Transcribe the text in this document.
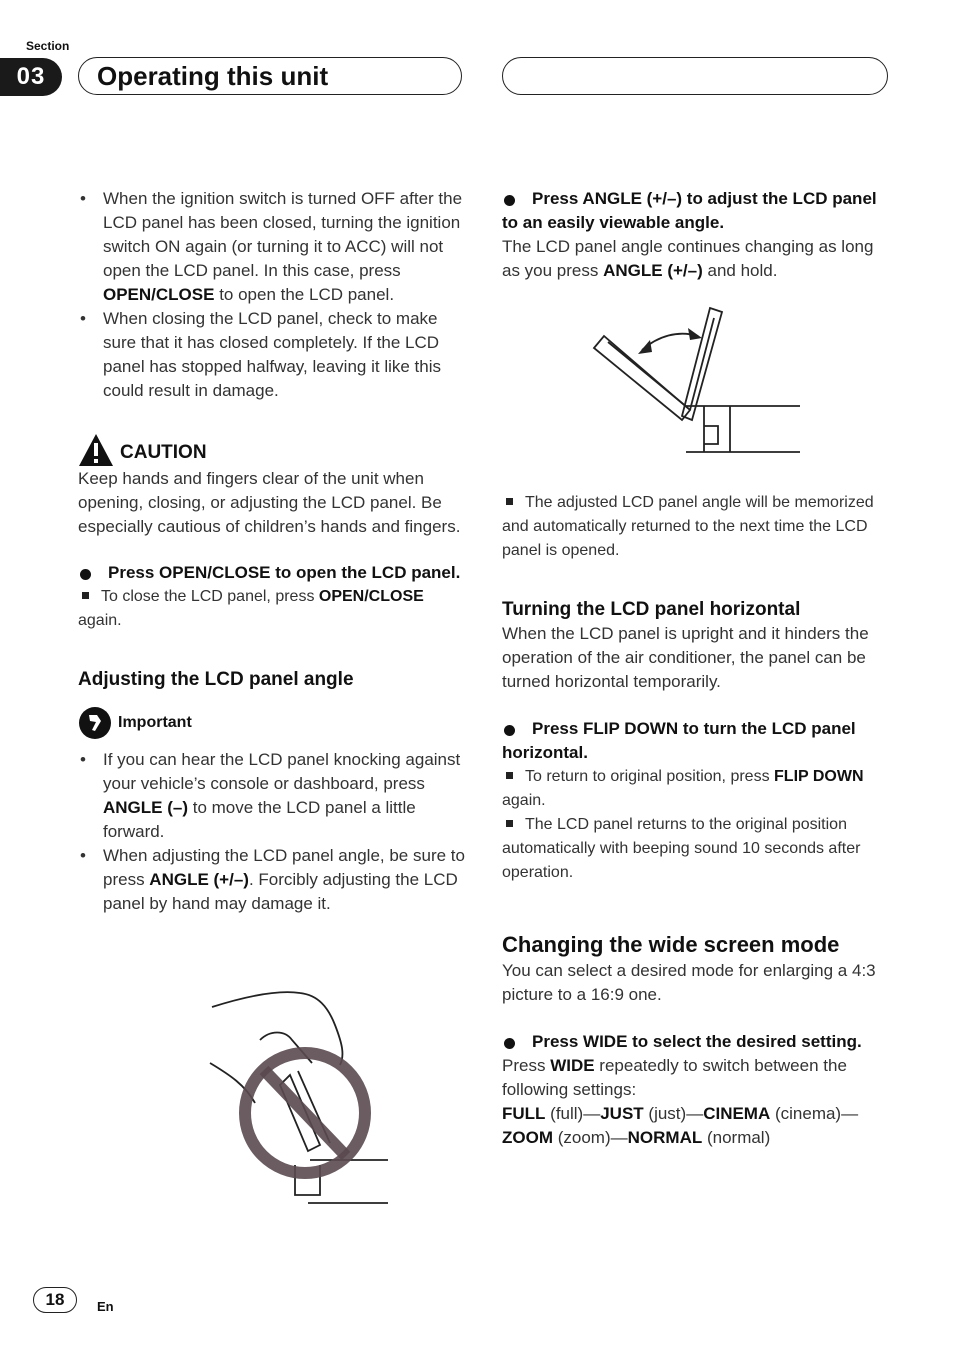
Section
03	Operating this unit

• When the ignition switch is turned OFF after the LCD panel has been closed, turning the ignition switch ON again (or turning it to ACC) will not open the LCD panel. In this case, press OPEN/CLOSE to open the LCD panel.

• When closing the LCD panel, check to make sure that it has closed completely. If the LCD panel has stopped halfway, leaving it like this could result in damage.

CAUTION

Keep hands and fingers clear of the unit when opening, closing, or adjusting the LCD panel. Be especially cautious of children’s hands and fingers.

Press OPEN/CLOSE to open the LCD panel.

To close the LCD panel, press OPEN/CLOSE again.

Adjusting the LCD panel angle

Important

• If you can hear the LCD panel knocking against your vehicle’s console or dashboard, press ANGLE (–) to move the LCD panel a little forward.

• When adjusting the LCD panel angle, be sure to press ANGLE (+/–). Forcibly adjusting the LCD panel by hand may damage it.

Press ANGLE (+/–) to adjust the LCD panel to an easily viewable angle.

The LCD panel angle continues changing as long as you press ANGLE (+/–) and hold.

The adjusted LCD panel angle will be memorized and automatically returned to the next time the LCD panel is opened.

Turning the LCD panel horizontal

When the LCD panel is upright and it hinders the operation of the air conditioner, the panel can be turned horizontal temporarily.

Press FLIP DOWN to turn the LCD panel horizontal.

To return to original position, press FLIP DOWN again.

The LCD panel returns to the original position automatically with beeping sound 10 seconds after operation.

Changing the wide screen mode

You can select a desired mode for enlarging a 4:3 picture to a 16:9 one.

Press WIDE to select the desired setting.

Press WIDE repeatedly to switch between the following settings:

FULL (full)—JUST (just)—CINEMA (cinema)—
ZOOM (zoom)—NORMAL (normal)

18	En
